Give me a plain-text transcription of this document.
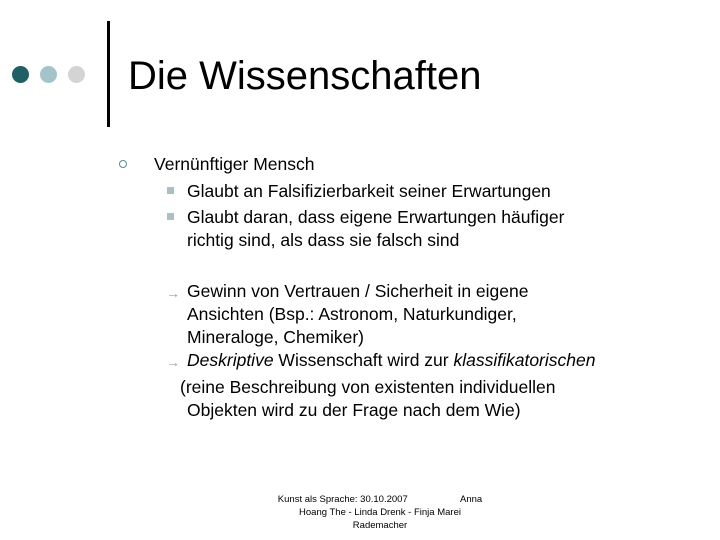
Die Wissenschaften
Vernünftiger Mensch
Glaubt an Falsifizierbarkeit seiner Erwartungen
Glaubt daran, dass eigene Erwartungen häufiger
richtig sind, als dass sie falsch sind
→ Gewinn von Vertrauen / Sicherheit in eigene
Ansichten (Bsp.: Astronom, Naturkundiger,
Mineraloge, Chemiker)
→ Deskriptive Wissenschaft wird zur klassifikatorischen
(reine Beschreibung von existenten individuellen
Objekten wird zu der Frage nach dem Wie)
Kunst als Sprache: 30.10.2007                    Anna
Hoang The - Linda Drenk - Finja Marei
Rademacher
